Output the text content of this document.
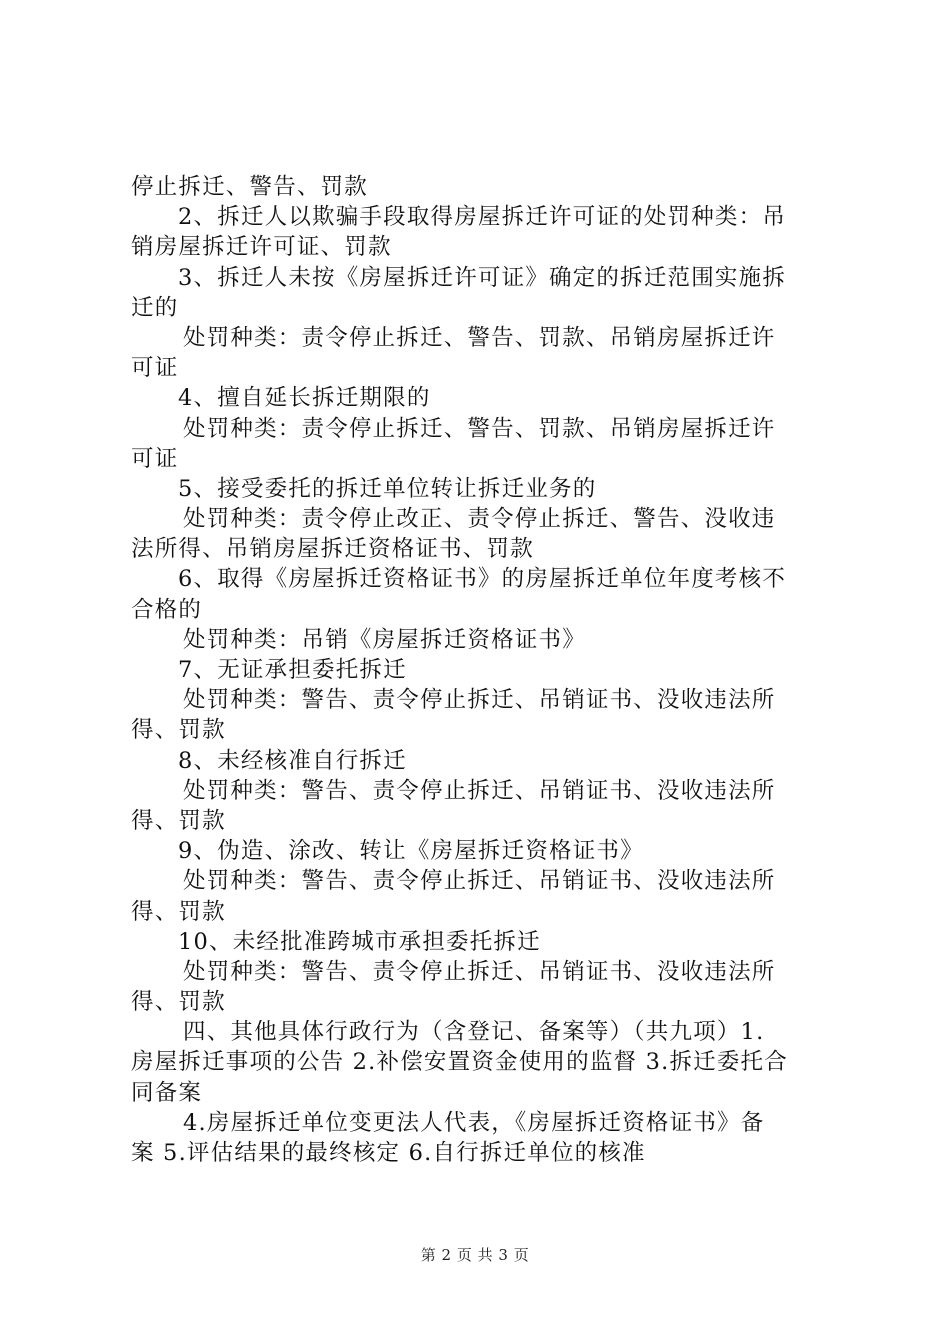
停止拆迁、警告、罚款
2、拆迁人以欺骗手段取得房屋拆迁许可证的处罚种类：吊
销房屋拆迁许可证、罚款
3、拆迁人未按《房屋拆迁许可证》确定的拆迁范围实施拆
迁的
处罚种类：责令停止拆迁、警告、罚款、吊销房屋拆迁许
可证
4、擅自延长拆迁期限的
处罚种类：责令停止拆迁、警告、罚款、吊销房屋拆迁许
可证
5、接受委托的拆迁单位转让拆迁业务的
处罚种类：责令停止改正、责令停止拆迁、警告、没收违
法所得、吊销房屋拆迁资格证书、罚款
6、取得《房屋拆迁资格证书》的房屋拆迁单位年度考核不
合格的
处罚种类：吊销《房屋拆迁资格证书》
7、无证承担委托拆迁
处罚种类：警告、责令停止拆迁、吊销证书、没收违法所
得、罚款
8、未经核准自行拆迁
处罚种类：警告、责令停止拆迁、吊销证书、没收违法所
得、罚款
9、伪造、涂改、转让《房屋拆迁资格证书》
处罚种类：警告、责令停止拆迁、吊销证书、没收违法所
得、罚款
10、未经批准跨城市承担委托拆迁
处罚种类：警告、责令停止拆迁、吊销证书、没收违法所
得、罚款
四、其他具体行政行为（含登记、备案等）（共九项）1.
房屋拆迁事项的公告 2.补偿安置资金使用的监督 3.拆迁委托合
同备案
4.房屋拆迁单位变更法人代表，《房屋拆迁资格证书》备
案 5.评估结果的最终核定 6.自行拆迁单位的核准
第 2 页 共 3 页
